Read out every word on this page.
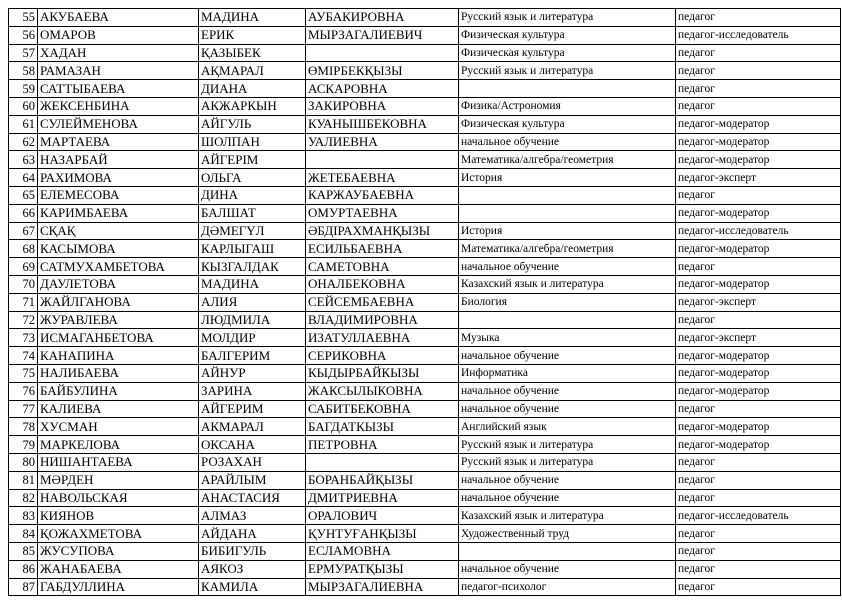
55	АКУБАЕВА	МАДИНА	АУБАКИРОВНА	Русский язык и литература	педагог
56	ОМАРОВ	ЕРИК	МЫРЗАГАЛИЕВИЧ	Физическая культура	педагог-исследователь
57	ХАДАН	ҚАЗЫБЕК		Физическая культура	педагог
58	РАМАЗАН	АҚМАРАЛ	ӨМІРБЕКҚЫЗЫ	Русский язык и литература	педагог
59	САТТЫБАЕВА	ДИАНА	АСКАРОВНА		педагог
60	ЖЕКСЕНБИНА	АКЖАРКЫН	ЗАКИРОВНА	Физика/Астрономия	педагог
61	СУЛЕЙМЕНОВА	АЙГУЛЬ	КУАНЫШБЕКОВНА	Физическая культура	педагог-модератор
62	МАРТАЕВА	ШОЛПАН	УАЛИЕВНА	начальное обучение	педагог-модератор
63	НАЗАРБАЙ	АЙГЕРІМ		Математика/алгебра/геометрия	педагог-модератор
64	РАХИМОВА	ОЛЬГА	ЖЕТЕБАЕВНА	История	педагог-эксперт
65	ЕЛЕМЕСОВА	ДИНА	КАРЖАУБАЕВНА		педагог
66	КАРИМБАЕВА	БАЛШАТ	ОМУРТАЕВНА		педагог-модератор
67	СҚАҚ	ДӘМЕГҮЛ	ӘБДІРАХМАНҚЫЗЫ	История	педагог-исследователь
68	КАСЫМОВА	КАРЛЫГАШ	ЕСИЛЬБАЕВНА	Математика/алгебра/геометрия	педагог-модератор
69	САТМУХАМБЕТОВА	КЫЗГАЛДАК	САМЕТОВНА	начальное обучение	педагог
70	ДАУЛЕТОВА	МАДИНА	ОНАЛБЕКОВНА	Казахский язык и литература	педагог-модератор
71	ЖАЙЛГАНОВА	АЛИЯ	СЕЙСЕМБАЕВНА	Биология	педагог-эксперт
72	ЖУРАВЛЕВА	ЛЮДМИЛА	ВЛАДИМИРОВНА		педагог
73	ИСМАГАНБЕТОВА	МОЛДИР	ИЗАТУЛЛАЕВНА	Музыка	педагог-эксперт
74	КАНАПИНА	БАЛГЕРИМ	СЕРИКОВНА	начальное обучение	педагог-модератор
75	НАЛИБАЕВА	АЙНУР	КЫДЫРБАЙКЫЗЫ	Информатика	педагог-модератор
76	БАЙБУЛИНА	ЗАРИНА	ЖАКСЫЛЫКОВНА	начальное обучение	педагог-модератор
77	КАЛИЕВА	АЙГЕРИМ	САБИТБЕКОВНА	начальное обучение	педагог
78	ХУСМАН	АКМАРАЛ	БАГДАТКЫЗЫ	Английский язык	педагог-модератор
79	МАРКЕЛОВА	ОКСАНА	ПЕТРОВНА	Русский язык и литература	педагог-модератор
80	НИШАНТАЕВА	РОЗАХАН		Русский язык и литература	педагог
81	МӘРДЕН	АРАЙЛЫМ	БОРАНБАЙҚЫЗЫ	начальное обучение	педагог
82	НАВОЛЬСКАЯ	АНАСТАСИЯ	ДМИТРИЕВНА	начальное обучение	педагог
83	КИЯНОВ	АЛМАЗ	ОРАЛОВИЧ	Казахский язык и литература	педагог-исследователь
84	ҚОЖАХМЕТОВА	АЙДАНА	ҚУНТУҒАНҚЫЗЫ	Художественный труд	педагог
85	ЖУСУПОВА	БИБИГУЛЬ	ЕСЛАМОВНА		педагог
86	ЖАНАБАЕВА	АЯКОЗ	ЕРМУРАТҚЫЗЫ	начальное обучение	педагог
87	ГАБДУЛЛИНА	КАМИЛА	МЫРЗАГАЛИЕВНА	педагог-психолог	педагог
